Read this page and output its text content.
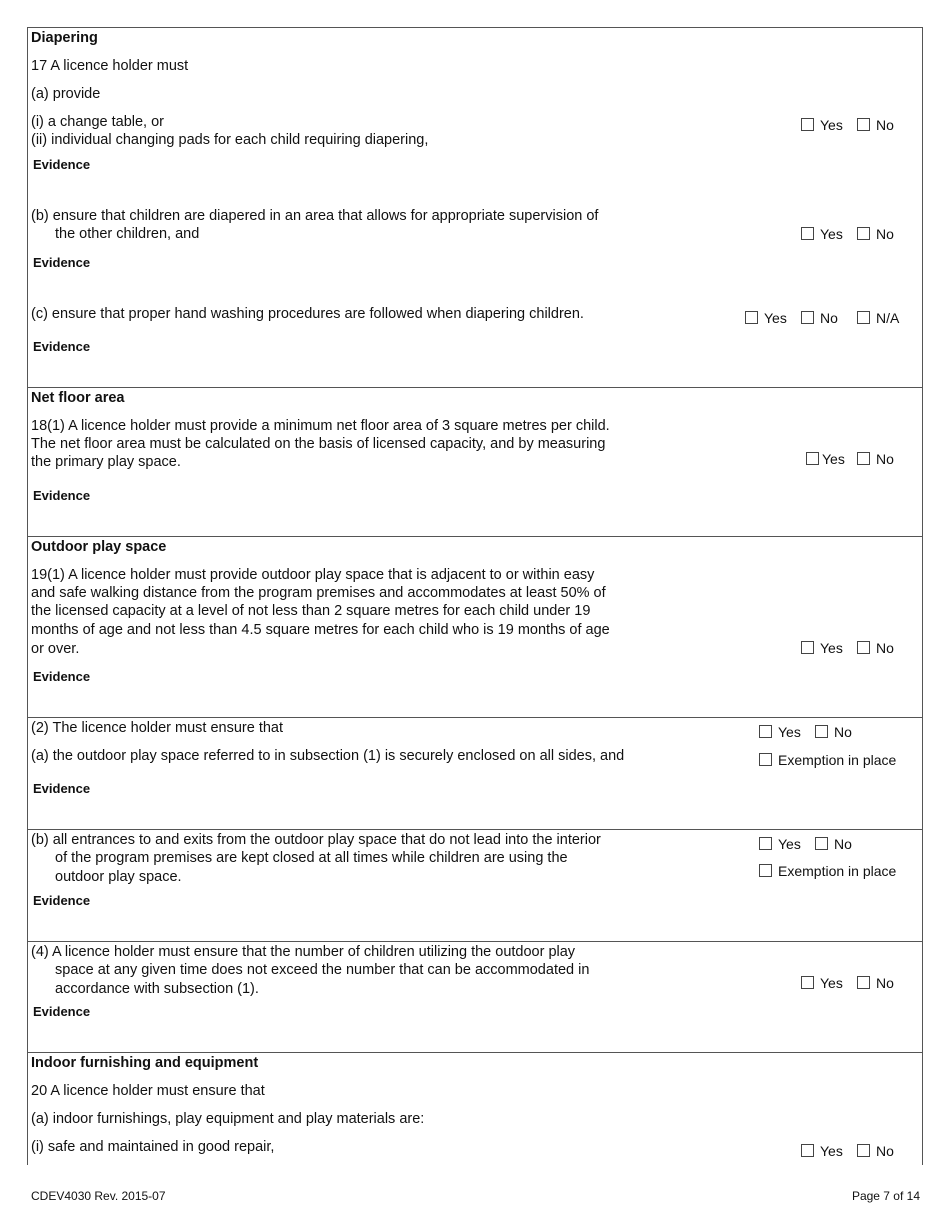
Diapering
17 A licence holder must
(a) provide
(i) a change table, or
(ii) individual changing pads for each child requiring diapering,
Evidence
Yes No
(b) ensure that children are diapered in an area that allows for appropriate supervision of
the other children, and
Evidence
Yes No
(c) ensure that proper hand washing procedures are followed when diapering children.
Evidence
Yes No	N/A
Net floor area
18(1) A licence holder must provide a minimum net floor area of 3 square metres per child.
The net floor area must be calculated on the basis of licensed capacity, and by measuring
the primary play space.
Evidence
Yes No
Outdoor play space
19(1) A licence holder must provide outdoor play space that is adjacent to or within easy
and safe walking distance from the program premises and accommodates at least 50% of
the licensed capacity at a level of not less than 2 square metres for each child under 19
months of age and not less than 4.5 square metres for each child who is 19 months of age
or over.
Evidence
Yes No
(2) The licence holder must ensure that
(a) the outdoor play space referred to in subsection (1) is securely enclosed on all sides, and
Evidence
Yes No
Exemption in place
(b) all entrances to and exits from the outdoor play space that do not lead into the interior
of the program premises are kept closed at all times while children are using the
outdoor play space.
Evidence
Yes No
Exemption in place
(4) A licence holder must ensure that the number of children utilizing the outdoor play
space at any given time does not exceed the number that can be accommodated in
accordance with subsection (1).
Evidence
Yes No
Indoor furnishing and equipment
20 A licence holder must ensure that
(a) indoor furnishings, play equipment and play materials are:
(i) safe and maintained in good repair,	Yes No
CDEV4030 Rev. 2015-07	Page 7 of 14
